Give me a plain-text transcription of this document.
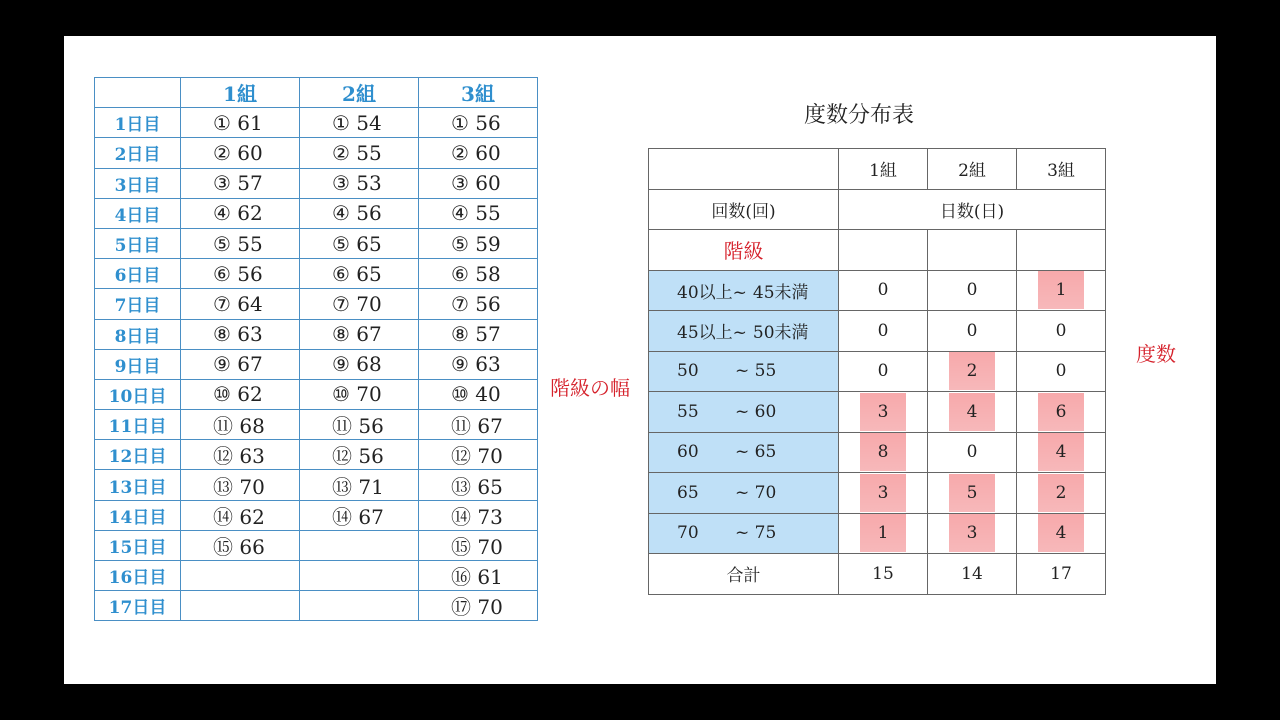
	1組	2組	3組
1日目	① 61	① 54	① 56
2日目	② 60	② 55	② 60
3日目	③ 57	③ 53	③ 60
4日目	④ 62	④ 56	④ 55
5日目	⑤ 55	⑤ 65	⑤ 59
6日目	⑥ 56	⑥ 65	⑥ 58
7日目	⑦ 64	⑦ 70	⑦ 56
8日目	⑧ 63	⑧ 67	⑧ 57
9日目	⑨ 67	⑨ 68	⑨ 63
10日目	⑩ 62	⑩ 70	⑩ 40
11日目	⑪ 68	⑪ 56	⑪ 67
12日目	⑫ 63	⑫ 56	⑫ 70
13日目	⑬ 70	⑬ 71	⑬ 65
14日目	⑭ 62	⑭ 67	⑭ 73
15日目	⑮ 66		⑮ 70
16日目			⑯ 61
17日目			⑰ 70
度数分布表
	1組	2組	3組
回数(回)	日数(日)		
階級			
40以上~ 45未満	0	0	1
45以上~ 50未満	0	0	0
50 ~ 55	0	2	0
55 ~ 60	3	4	6
60 ~ 65	8	0	4
65 ~ 70	3	5	2
70 ~ 75	1	3	4
合計	15	14	17
階級の幅
度数
